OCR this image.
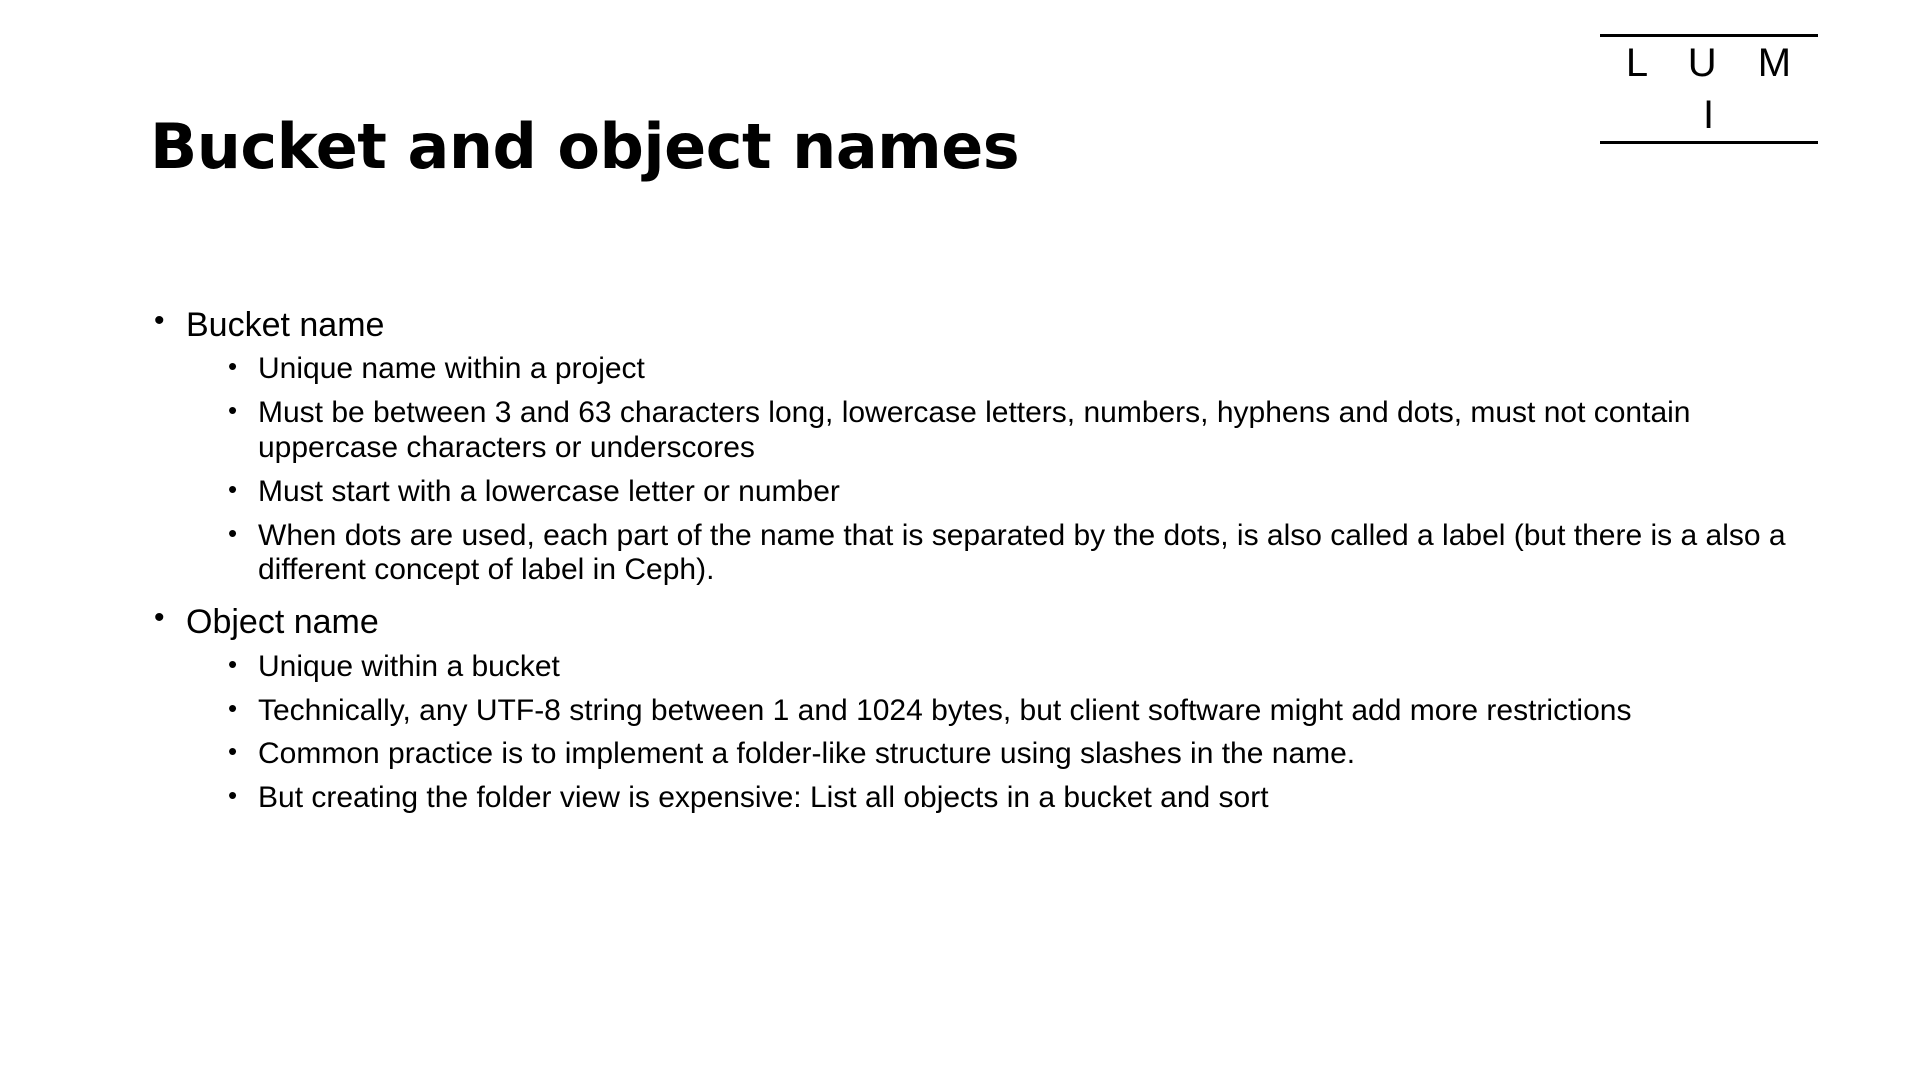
L U M I
Bucket and object names
• Bucket name
• Unique name within a project
• Must be between 3 and 63 characters long, lowercase letters, numbers, hyphens and dots, must not contain uppercase characters or underscores
• Must start with a lowercase letter or number
• When dots are used, each part of the name that is separated by the dots, is also called a label (but there is a also a different concept of label in Ceph).
• Object name
• Unique within a bucket
• Technically, any UTF-8 string between 1 and 1024 bytes, but client software might add more restrictions
• Common practice is to implement a folder-like structure using slashes in the name.
• But creating the folder view is expensive: List all objects in a bucket and sort
